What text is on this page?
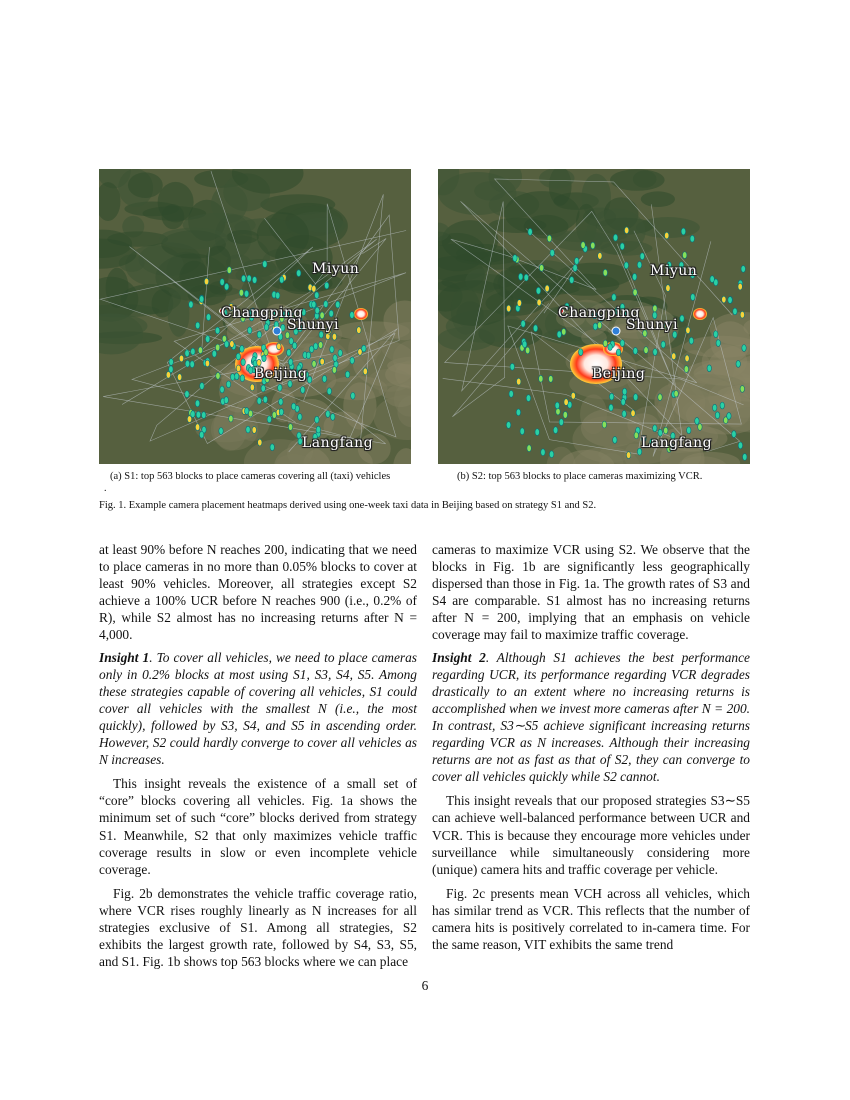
Miyun
Changping
Shunyi
Beijing
Langfang
Miyun
Changping
Shunyi
Beijing
Langfang
(a) S1: top 563 blocks to place cameras covering all (taxi) vehicles
.
(b) S2: top 563 blocks to place cameras maximizing VCR.
Fig. 1. Example camera placement heatmaps derived using one-week taxi data in Beijing based on strategy S1 and S2.

at least 90% before N reaches 200, indicating that we need to place cameras in no more than 0.05% blocks to cover at least 90% vehicles. Moreover, all strategies except S2 achieve a 100% UCR before N reaches 900 (i.e., 0.2% of R), while S2 almost has no increasing returns after N = 4,000.

Insight 1. To cover all vehicles, we need to place cameras only in 0.2% blocks at most using S1, S3, S4, S5. Among these strategies capable of covering all vehicles, S1 could cover all vehicles with the smallest N (i.e., the most quickly), followed by S3, S4, and S5 in ascending order. However, S2 could hardly converge to cover all vehicles as N increases.

This insight reveals the existence of a small set of “core” blocks covering all vehicles. Fig. 1a shows the minimum set of such “core” blocks derived from strategy S1. Meanwhile, S2 that only maximizes vehicle traffic coverage results in slow or even incomplete vehicle coverage.

Fig. 2b demonstrates the vehicle traffic coverage ratio, where VCR rises roughly linearly as N increases for all strategies exclusive of S1. Among all strategies, S2 exhibits the largest growth rate, followed by S4, S3, S5, and S1. Fig. 1b shows top 563 blocks where we can place

cameras to maximize VCR using S2. We observe that the blocks in Fig. 1b are significantly less geographically dispersed than those in Fig. 1a. The growth rates of S3 and S4 are comparable. S1 almost has no increasing returns after N = 200, implying that an emphasis on vehicle coverage may fail to maximize traffic coverage.

Insight 2. Although S1 achieves the best performance regarding UCR, its performance regarding VCR degrades drastically to an extent where no increasing returns is accomplished when we invest more cameras after N = 200. In contrast, S3∼S5 achieve significant increasing returns regarding VCR as N increases. Although their increasing returns are not as fast as that of S2, they can converge to cover all vehicles quickly while S2 cannot.

This insight reveals that our proposed strategies S3∼S5 can achieve well-balanced performance between UCR and VCR. This is because they encourage more vehicles under surveillance while simultaneously considering more (unique) camera hits and traffic coverage per vehicle.

Fig. 2c presents mean VCH across all vehicles, which has similar trend as VCR. This reflects that the number of camera hits is positively correlated to in-camera time. For the same reason, VIT exhibits the same trend

6
